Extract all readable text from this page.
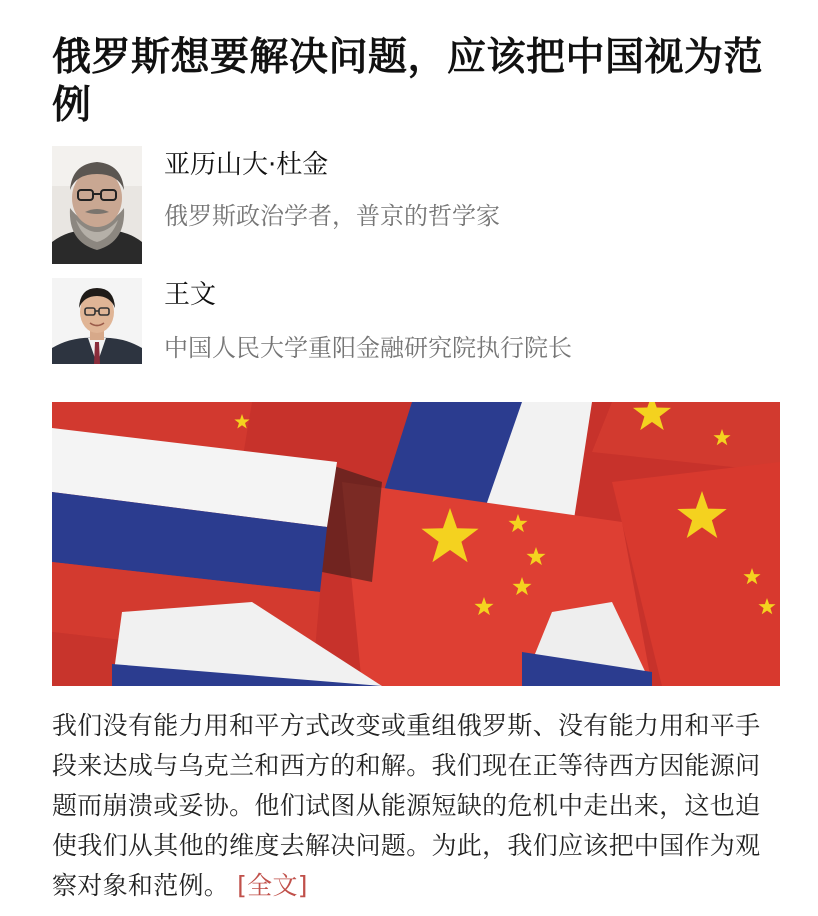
俄罗斯想要解决问题，应该把中国视为范例
亚历山大·杜金
俄罗斯政治学者，普京的哲学家
王文
中国人民大学重阳金融研究院执行院长

我们没有能力用和平方式改变或重组俄罗斯、没有能力用和平手段来达成与乌克兰和西方的和解。我们现在正等待西方因能源问题而崩溃或妥协。他们试图从能源短缺的危机中走出来，这也迫使我们从其他的维度去解决问题。为此，我们应该把中国作为观察对象和范例。 [全文]
